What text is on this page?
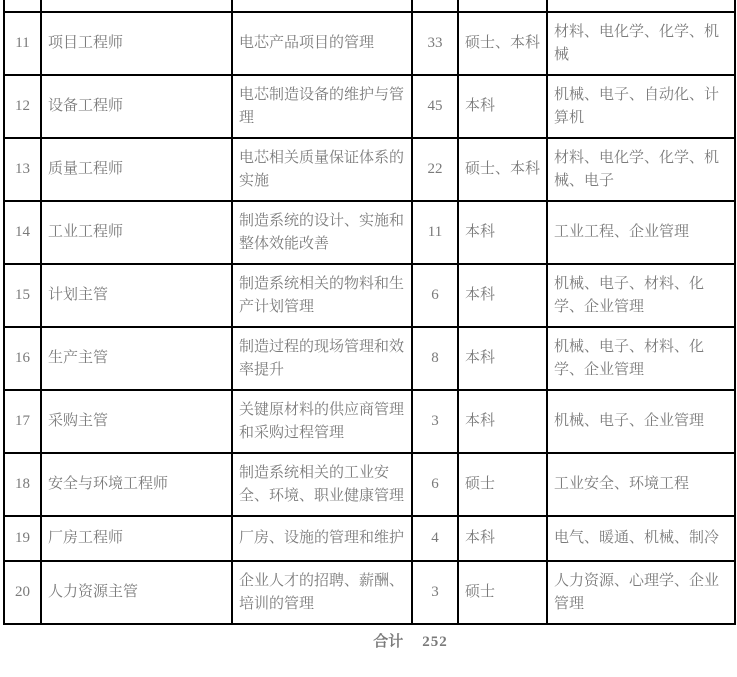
11	项目工程师	电芯产品项目的管理	33	硕士、本科	材料、电化学、化学、机械
12	设备工程师	电芯制造设备的维护与管理	45	本科	机械、电子、自动化、计算机
13	质量工程师	电芯相关质量保证体系的实施	22	硕士、本科	材料、电化学、化学、机械、电子
14	工业工程师	制造系统的设计、实施和整体效能改善	11	本科	工业工程、企业管理
15	计划主管	制造系统相关的物料和生产计划管理	6	本科	机械、电子、材料、化学、企业管理
16	生产主管	制造过程的现场管理和效率提升	8	本科	机械、电子、材料、化学、企业管理
17	采购主管	关键原材料的供应商管理和采购过程管理	3	本科	机械、电子、企业管理
18	安全与环境工程师	制造系统相关的工业安全、环境、职业健康管理	6	硕士	工业安全、环境工程
19	厂房工程师	厂房、设施的管理和维护	4	本科	电气、暖通、机械、制冷
20	人力资源主管	企业人才的招聘、薪酬、培训的管理	3	硕士	人力资源、心理学、企业管理
合计 252
